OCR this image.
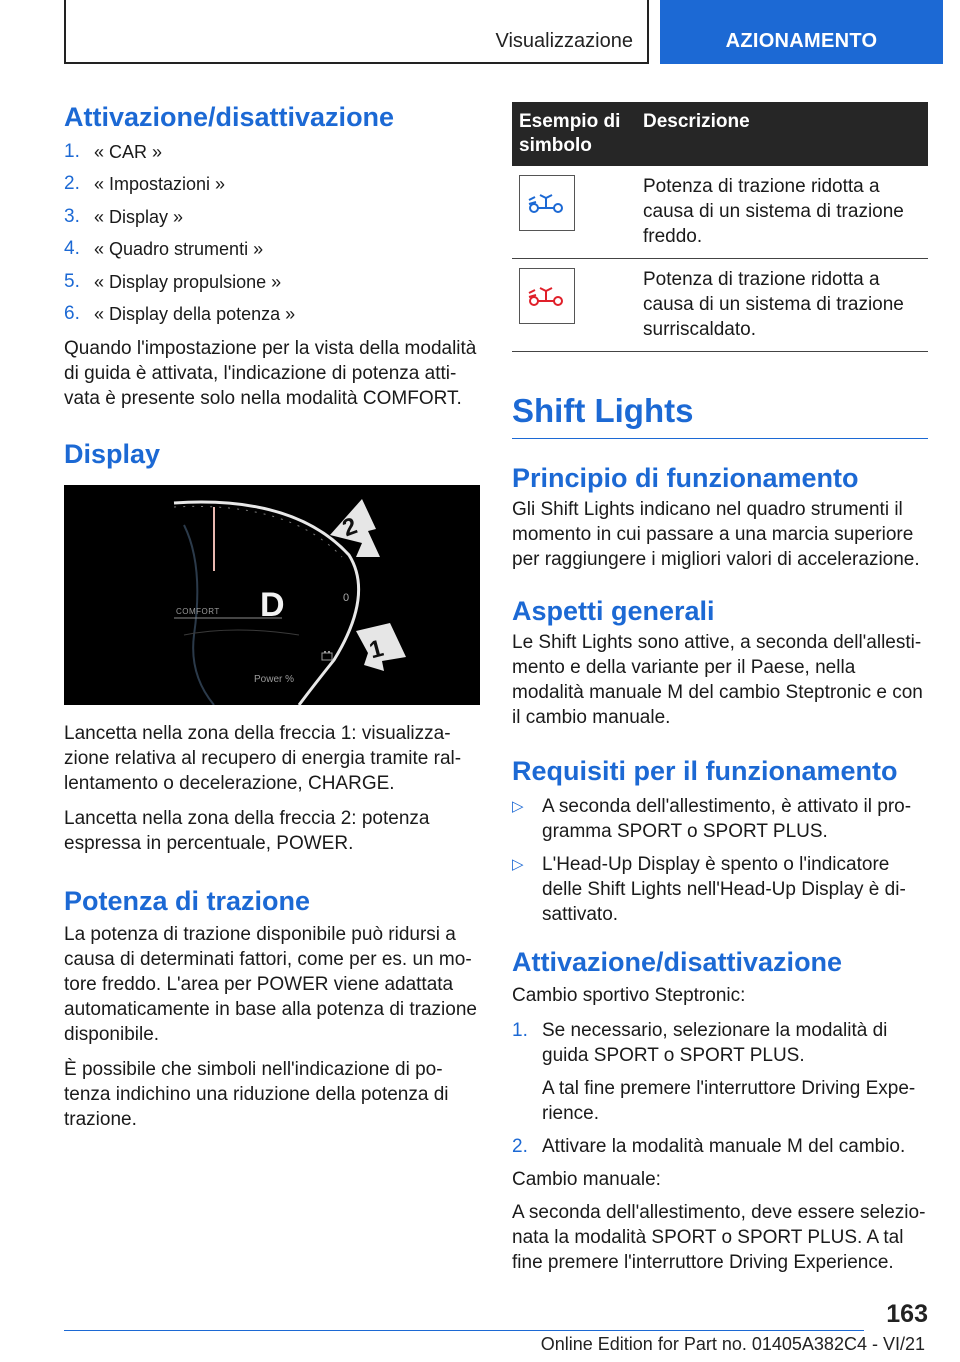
Visualizzazione	AZIONAMENTO
Attivazione/disattivazione
1. « CAR »
2. « Impostazioni »
3. « Display »
4. « Quadro strumenti »
5. « Display propulsione »
6. « Display della potenza »

Quando l'impostazione per la vista della modalità di guida è attivata, l'indicazione di potenza attivata è presente solo nella modalità COMFORT.

Display
D
COMFORT
Power %
0
2
1

Lancetta nella zona della freccia 1: visualizzazione relativa al recupero di energia tramite rallentamento o decelerazione, CHARGE.

Lancetta nella zona della freccia 2: potenza espressa in percentuale, POWER.

Potenza di trazione

La potenza di trazione disponibile può ridursi a causa di determinati fattori, come per es. un motore freddo. L'area per POWER viene adattata automaticamente in base alla potenza di trazione disponibile.

È possibile che simboli nell'indicazione di potenza indichino una riduzione della potenza di trazione.

Esempio di simbolo	Descrizione

	Potenza di trazione ridotta a causa di un sistema di trazione freddo.

	Potenza di trazione ridotta a causa di un sistema di trazione surriscaldato.
Shift Lights
Principio di funzionamento

Gli Shift Lights indicano nel quadro strumenti il momento in cui passare a una marcia superiore per raggiungere i migliori valori di accelerazione.

Aspetti generali

Le Shift Lights sono attive, a seconda dell'allestimento e della variante per il Paese, nella modalità manuale M del cambio Steptronic e con il cambio manuale.

Requisiti per il funzionamento
▷ A seconda dell'allestimento, è attivato il programma SPORT o SPORT PLUS.
▷ L'Head-Up Display è spento o l'indicatore delle Shift Lights nell'Head-Up Display è disattivato.
Attivazione/disattivazione

Cambio sportivo Steptronic:

1. Se necessario, selezionare la modalità di guida SPORT o SPORT PLUS.

A tal fine premere l'interruttore Driving Experience.

2. Attivare la modalità manuale M del cambio.

Cambio manuale:

A seconda dell'allestimento, deve essere selezionata la modalità SPORT o SPORT PLUS. A tal fine premere l'interruttore Driving Experience.

163
Online Edition for Part no. 01405A382C4 - VI/21
